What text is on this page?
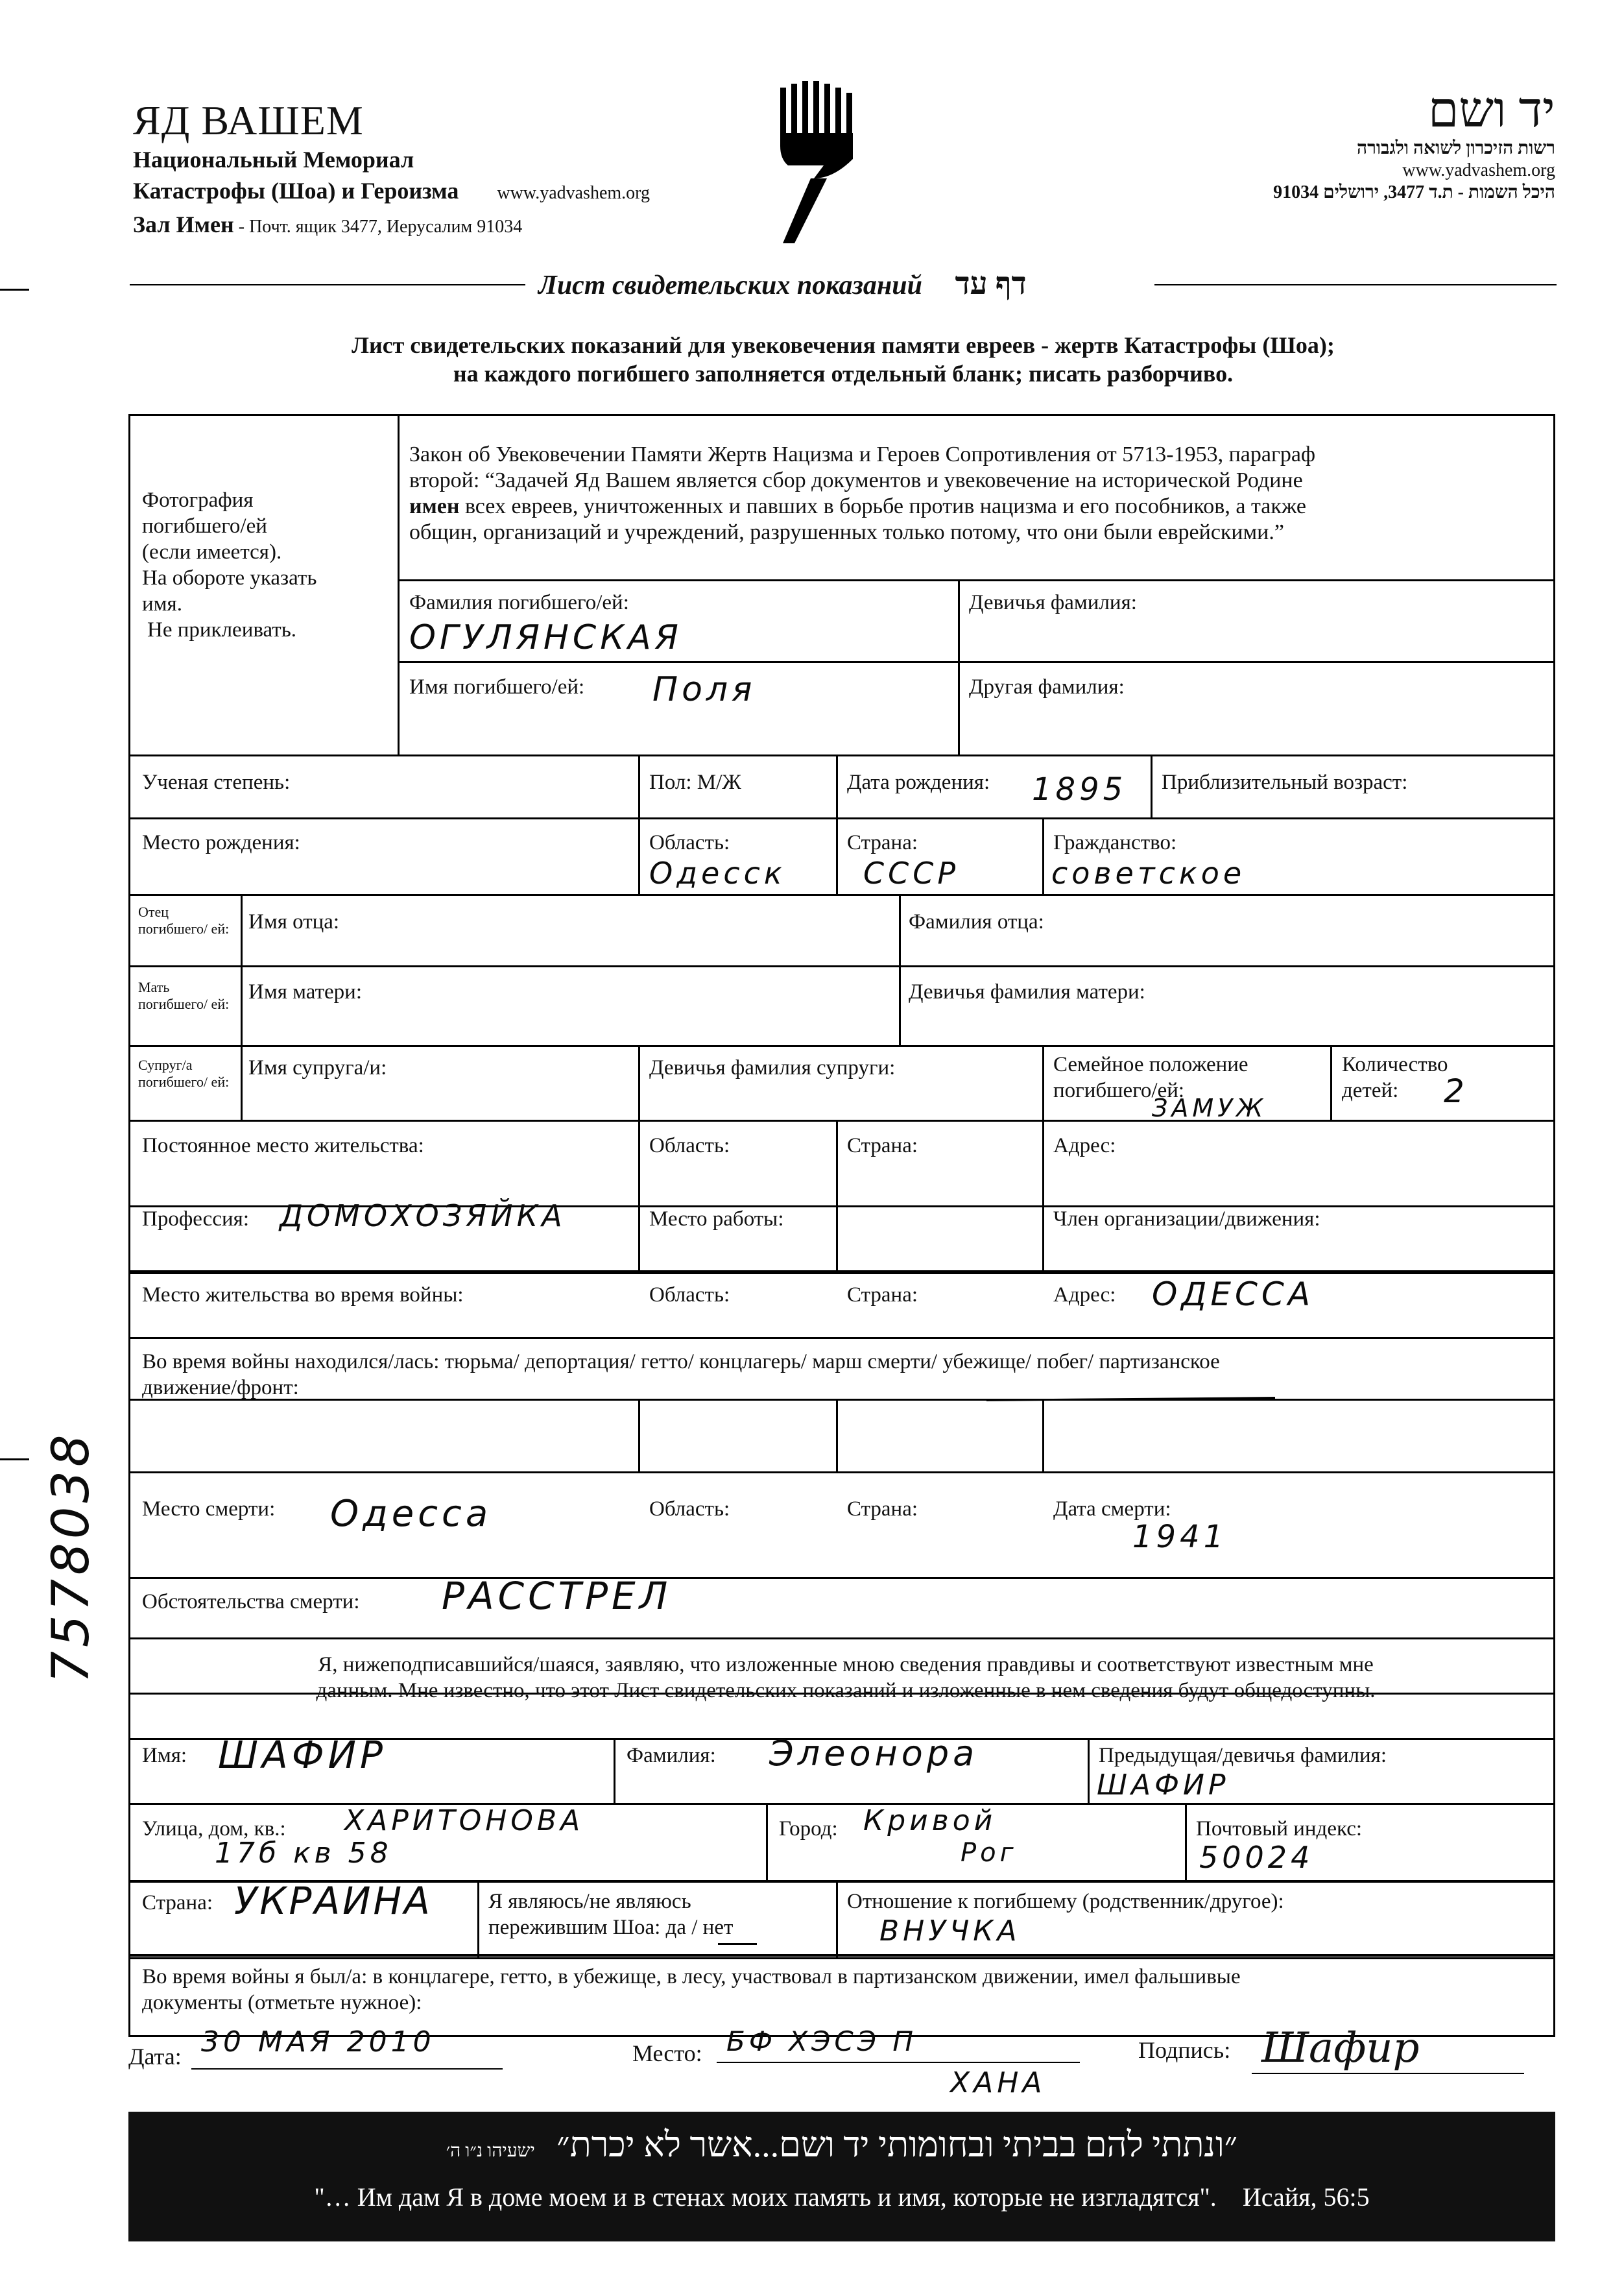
ЯД ВАШЕМ
Национальный Мемориал
Катастрофы (Шоа) и Героизма www.yadvashem.org
Зал Имен - Почт. ящик 3477, Иерусалим 91034
יד ושם
רשות הזיכרון לשואה ולגבורה
www.yadvashem.org
היכל השמות - ת.ד 3477, ירושלים 91034
Лист свидетельских показаний דף עד
Лист свидетельских показаний для увековечения памяти евреев - жертв Катастрофы (Шоа);
на каждого погибшего заполняется отдельный бланк; писать разборчиво.
Фотография
погибшего/ей
(если имеется).
На обороте указать
имя.
Не приклеивать.
Закон об Увековечении Памяти Жертв Нацизма и Героев Сопротивления от 5713-1953, параграф
второй: “Задачей Яд Вашем является сбор документов и увековечение на исторической Родине
имен всех евреев, уничтоженных и павших в борьбе против нацизма и его пособников, а также
общин, организаций и учреждений, разрушенных только потому, что они были еврейскими.”
Фамилия погибшего/ей:
ОГУЛЯНСКАЯ
Девичья фамилия:
Имя погибшего/ей: Поля	Другая фамилия:
Ученая степень:	Пол: М/Ж	Дата рождения: 1895 Приблизительный возраст:
Место рождения:	Область:
Одесск
Страна:
СССР
Гражданство:
советское
Отец погибшего/ ей: Имя отца:	Фамилия отца:
Мать погибшего/ ей:
Имя матери:	Девичья фамилия матери:
Супруг/а погибшего/ ей:
Имя супруга/и:	Девичья фамилия супруги:	Семейное положение
погибшего/ей:
ЗАМУЖ
Количество
детей:	2
Постоянное место жительства:	Область:	Страна:	Адрес:
Профессия: ДОМОХОЗЯЙКА	Место работы:	Член организации/движения:
Место жительства во время войны:	Область:	Страна:	Адрес: ОДЕССА
Во время войны находился/лась: тюрьма/ депортация/ гетто/ концлагерь/ марш смерти/ убежище/ побег/ партизанское
движение/фронт:
Место смерти: Одесса	Область:	Страна:	Дата смерти:
1941
Обстоятельства смерти: РАССТРЕЛ
Я, нижеподписавшийся/шаяся, заявляю, что изложенные мною сведения правдивы и соответствуют известным мне
данным. Мне известно, что этот Лист свидетельских показаний и изложенные в нем сведения будут общедоступны.
Имя: ШАФИР	Фамилия: Элеонора	Предыдущая/девичья фамилия:
ШАФИР
Улица, дом, кв.: ХАРИТОНОВА
17б кв 58
Город: Кривой
Рог
Почтовый индекс:
50024
Страна: УКРАИНА	Я являюсь/не являюсь
пережившим Шоа: да / нет
Отношение к погибшему (родственник/другое):
ВНУЧКА
Во время войны я был/а: в концлагере, гетто, в убежище, в лесу, участвовал в партизанском движении, имел фальшивые
документы (отметьте нужное):
Дата: 30 МАЯ 2010	Место: БФ ХЭСЭ П
ХАНА
Подпись: Шафир
״ונתתי להם בביתי ובחומותי יד ושם...אשר לא יכרת״ ישעיהו נ״ו ה׳
"… Им дам Я в доме моем и в стенах моих память и имя, которые не изгладятся". Исайя, 56:5
7578038
